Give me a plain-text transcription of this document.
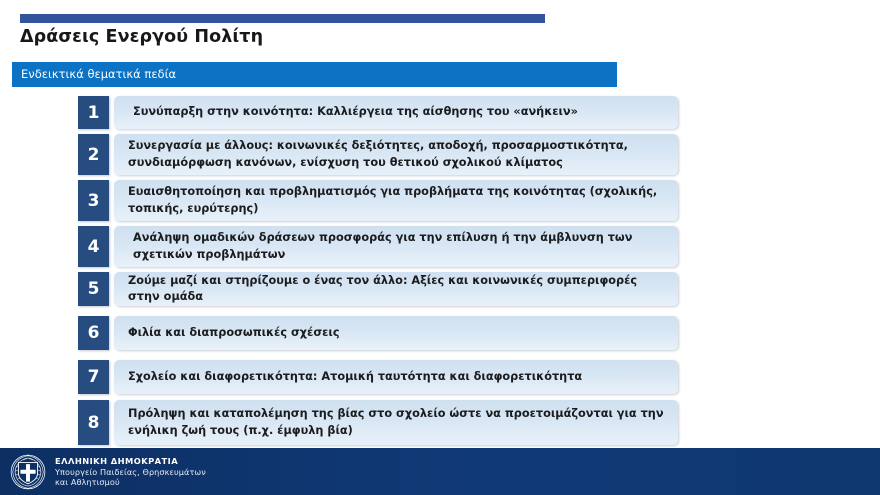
Δράσεις Ενεργού Πολίτη
Ενδεικτικά θεματικά πεδία
1	Συνύπαρξη στην κοινότητα: Καλλιέργεια της αίσθησης του «ανήκειν»
2	Συνεργασία με άλλους: κοινωνικές δεξιότητες, αποδοχή, προσαρμοστικότητα, συνδιαμόρφωση κανόνων, ενίσχυση του θετικού σχολικού κλίματος
3	Ευαισθητοποίηση και προβληματισμός για προβλήματα της κοινότητας (σχολικής, τοπικής, ευρύτερης)
4	Ανάληψη ομαδικών δράσεων προσφοράς για την επίλυση ή την άμβλυνση των σχετικών προβλημάτων
5	Ζούμε μαζί και στηρίζουμε ο ένας τον άλλο: Αξίες και κοινωνικές συμπεριφορές στην ομάδα
6	Φιλία και διαπροσωπικές σχέσεις
7	Σχολείο και διαφορετικότητα: Ατομική ταυτότητα και διαφορετικότητα
8	Πρόληψη και καταπολέμηση της βίας στο σχολείο ώστε να προετοιμάζονται για την ενήλικη ζωή τους (π.χ. έμφυλη βία)
ΕΛΛΗΝΙΚΗ ΔΗΜΟΚΡΑΤΙΑ
Υπουργείο Παιδείας, Θρησκευμάτων
και Αθλητισμού
